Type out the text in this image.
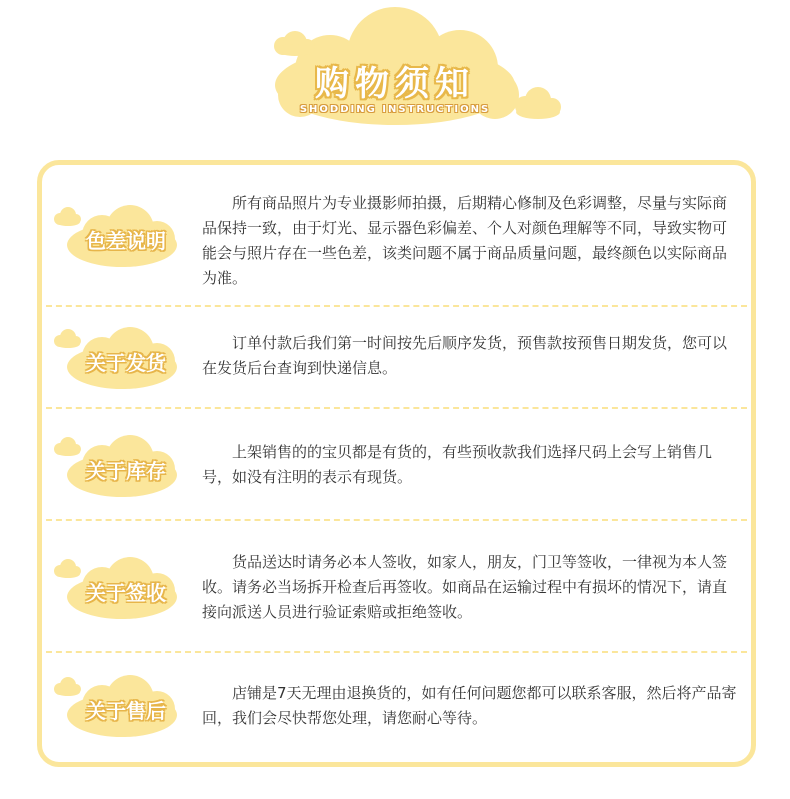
购物须知
SHODDING INSTRUCTIONS
色差说明
所有商品照片为专业摄影师拍摄，后期精心修制及色彩调整，尽量与实际商品保持一致，由于灯光、显示器色彩偏差、个人对颜色理解等不同，导致实物可能会与照片存在一些色差，该类问题不属于商品质量问题，最终颜色以实际商品为准。
关于发货
订单付款后我们第一时间按先后顺序发货，预售款按预售日期发货，您可以在发货后台查询到快递信息。
关于库存
上架销售的的宝贝都是有货的，有些预收款我们选择尺码上会写上销售几号，如没有注明的表示有现货。
关于签收
货品送达时请务必本人签收，如家人，朋友，门卫等签收，一律视为本人签收。请务必当场拆开检查后再签收。如商品在运输过程中有损坏的情况下，请直接向派送人员进行验证索赔或拒绝签收。
关于售后
店铺是7天无理由退换货的，如有任何问题您都可以联系客服，然后将产品寄回，我们会尽快帮您处理，请您耐心等待。
